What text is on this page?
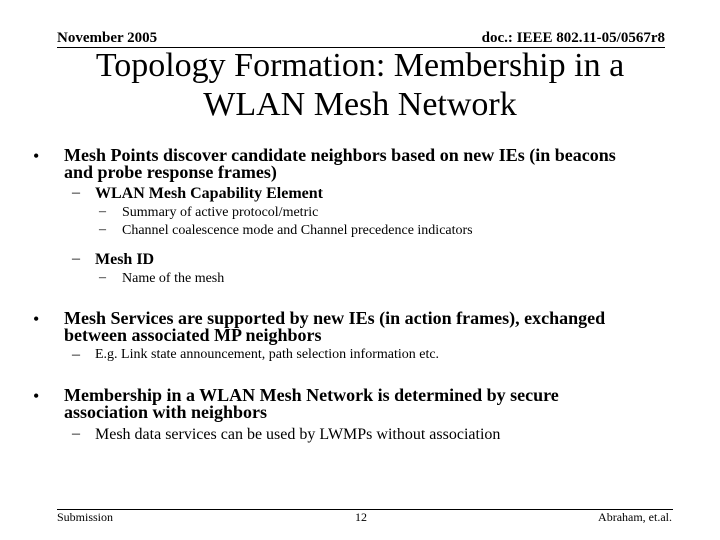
November 2005	doc.: IEEE 802.11-05/0567r8
Topology Formation: Membership in a
WLAN Mesh Network
• Mesh Points discover candidate neighbors based on new IEs (in beacons
and probe response frames)
– WLAN Mesh Capability Element
– Summary of active protocol/metric
– Channel coalescence mode and Channel precedence indicators
– Mesh ID
– Name of the mesh
• Mesh Services are supported by new IEs (in action frames), exchanged
between associated MP neighbors
– E.g. Link state announcement, path selection information etc.
• Membership in a WLAN Mesh Network is determined by secure
association with neighbors
– Mesh data services can be used by LWMPs without association
Submission	12	Abraham, et.al.
